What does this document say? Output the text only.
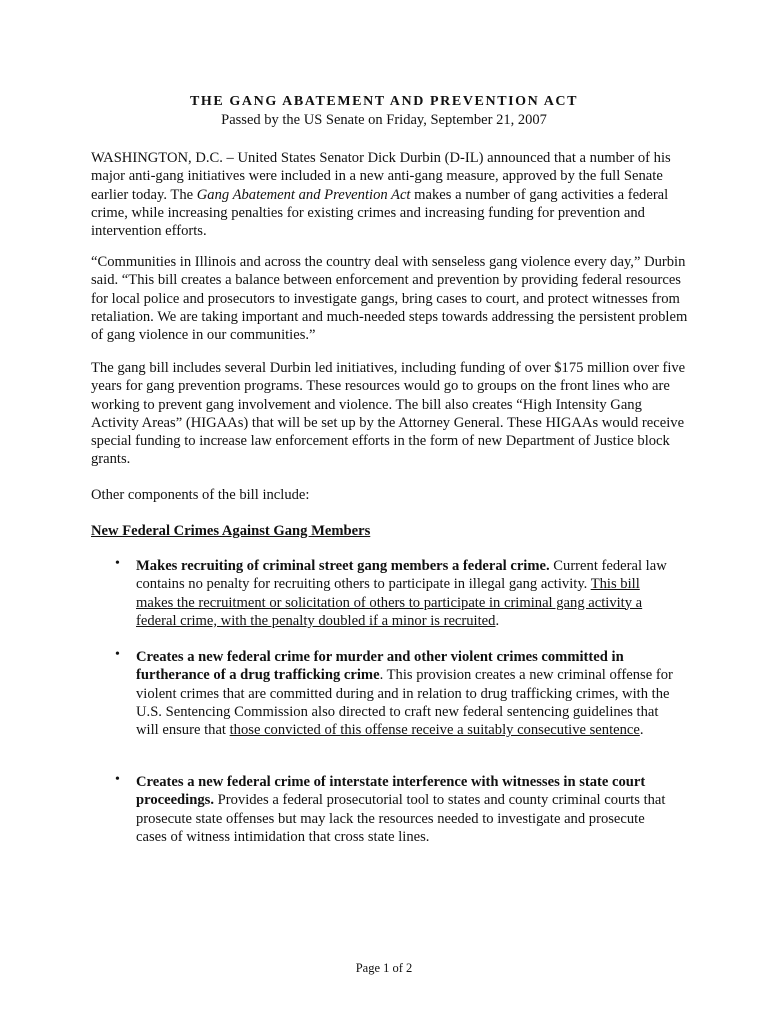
THE GANG ABATEMENT AND PREVENTION ACT
Passed by the US Senate on Friday, September 21, 2007

WASHINGTON, D.C. – United States Senator Dick Durbin (D-IL) announced that a number of his major anti-gang initiatives were included in a new anti-gang measure, approved by the full Senate earlier today. The Gang Abatement and Prevention Act makes a number of gang activities a federal crime, while increasing penalties for existing crimes and increasing funding for prevention and intervention efforts.

“Communities in Illinois and across the country deal with senseless gang violence every day,” Durbin said. “This bill creates a balance between enforcement and prevention by providing federal resources for local police and prosecutors to investigate gangs, bring cases to court, and protect witnesses from retaliation. We are taking important and much-needed steps towards addressing the persistent problem of gang violence in our communities.”

The gang bill includes several Durbin led initiatives, including funding of over $175 million over five years for gang prevention programs. These resources would go to groups on the front lines who are working to prevent gang involvement and violence. The bill also creates “High Intensity Gang Activity Areas” (HIGAAs) that will be set up by the Attorney General. These HIGAAs would receive special funding to increase law enforcement efforts in the form of new Department of Justice block grants.

Other components of the bill include:

New Federal Crimes Against Gang Members
• Makes recruiting of criminal street gang members a federal crime. Current federal law contains no penalty for recruiting others to participate in illegal gang activity. This bill makes the recruitment or solicitation of others to participate in criminal gang activity a federal crime, with the penalty doubled if a minor is recruited.

• Creates a new federal crime for murder and other violent crimes committed in furtherance of a drug trafficking crime. This provision creates a new criminal offense for violent crimes that are committed during and in relation to drug trafficking crimes, with the U.S. Sentencing Commission also directed to craft new federal sentencing guidelines that will ensure that those convicted of this offense receive a suitably consecutive sentence.

• Creates a new federal crime of interstate interference with witnesses in state court proceedings. Provides a federal prosecutorial tool to states and county criminal courts that prosecute state offenses but may lack the resources needed to investigate and prosecute cases of witness intimidation that cross state lines.

Page 1 of 2
